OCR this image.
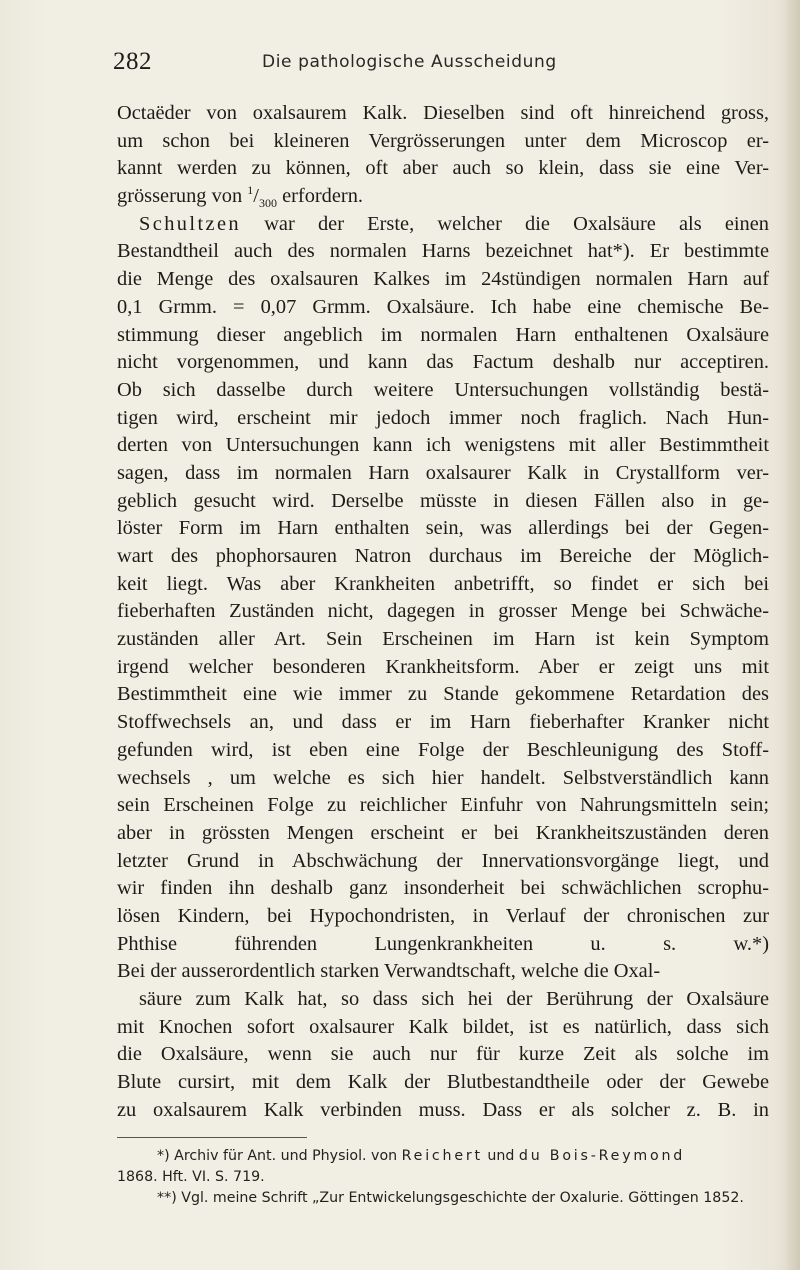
282	Die pathologische Ausscheidung
Octaëder von oxalsaurem Kalk. Dieselben sind oft hinreichend gross,
um schon bei kleineren Vergrösserungen unter dem Microscop er-
kannt werden zu können, oft aber auch so klein, dass sie eine Ver-
grösserung von $^1/_{300}$ erfordern.
Schultzen war der Erste, welcher die Oxalsäure als einen
Bestandtheil auch des normalen Harns bezeichnet hat*). Er bestimmte
die Menge des oxalsauren Kalkes im 24stündigen normalen Harn auf
0,1 Grmm. = 0,07 Grmm. Oxalsäure. Ich habe eine chemische Be-
stimmung dieser angeblich im normalen Harn enthaltenen Oxalsäure
nicht vorgenommen, und kann das Factum deshalb nur acceptiren.
Ob sich dasselbe durch weitere Untersuchungen vollständig bestä-
tigen wird, erscheint mir jedoch immer noch fraglich. Nach Hun-
derten von Untersuchungen kann ich wenigstens mit aller Bestimmtheit
sagen, dass im normalen Harn oxalsaurer Kalk in Crystallform ver-
geblich gesucht wird. Derselbe müsste in diesen Fällen also in ge-
löster Form im Harn enthalten sein, was allerdings bei der Gegen-
wart des phophorsauren Natron durchaus im Bereiche der Möglich-
keit liegt. Was aber Krankheiten anbetrifft, so findet er sich bei
fieberhaften Zuständen nicht, dagegen in grosser Menge bei Schwäche-
zuständen aller Art. Sein Erscheinen im Harn ist kein Symptom
irgend welcher besonderen Krankheitsform. Aber er zeigt uns mit
Bestimmtheit eine wie immer zu Stande gekommene Retardation des
Stoffwechsels an, und dass er im Harn fieberhafter Kranker nicht
gefunden wird, ist eben eine Folge der Beschleunigung des Stoff-
wechsels , um welche es sich hier handelt. Selbstverständlich kann
sein Erscheinen Folge zu reichlicher Einfuhr von Nahrungsmitteln sein;
aber in grössten Mengen erscheint er bei Krankheitszuständen deren
letzter Grund in Abschwächung der Innervationsvorgänge liegt, und
wir finden ihn deshalb ganz insonderheit bei schwächlichen scrophu-
lösen Kindern, bei Hypochondristen, in Verlauf der chronischen zur
Phthise führenden Lungenkrankheiten u. s. w.*)
Bei der ausserordentlich starken Verwandtschaft, welche die Oxal-
säure zum Kalk hat, so dass sich hei der Berührung der Oxalsäure
mit Knochen sofort oxalsaurer Kalk bildet, ist es natürlich, dass sich
die Oxalsäure, wenn sie auch nur für kurze Zeit als solche im
Blute cursirt, mit dem Kalk der Blutbestandtheile oder der Gewebe
zu oxalsaurem Kalk verbinden muss. Dass er als solcher z. B. in
*) Archiv für Ant. und Physiol. von Reichert und du Bois-Reymond
1868. Hft. VI. S. 719.
**) Vgl. meine Schrift „Zur Entwickelungsgeschichte der Oxalurie. Göttingen 1852.
